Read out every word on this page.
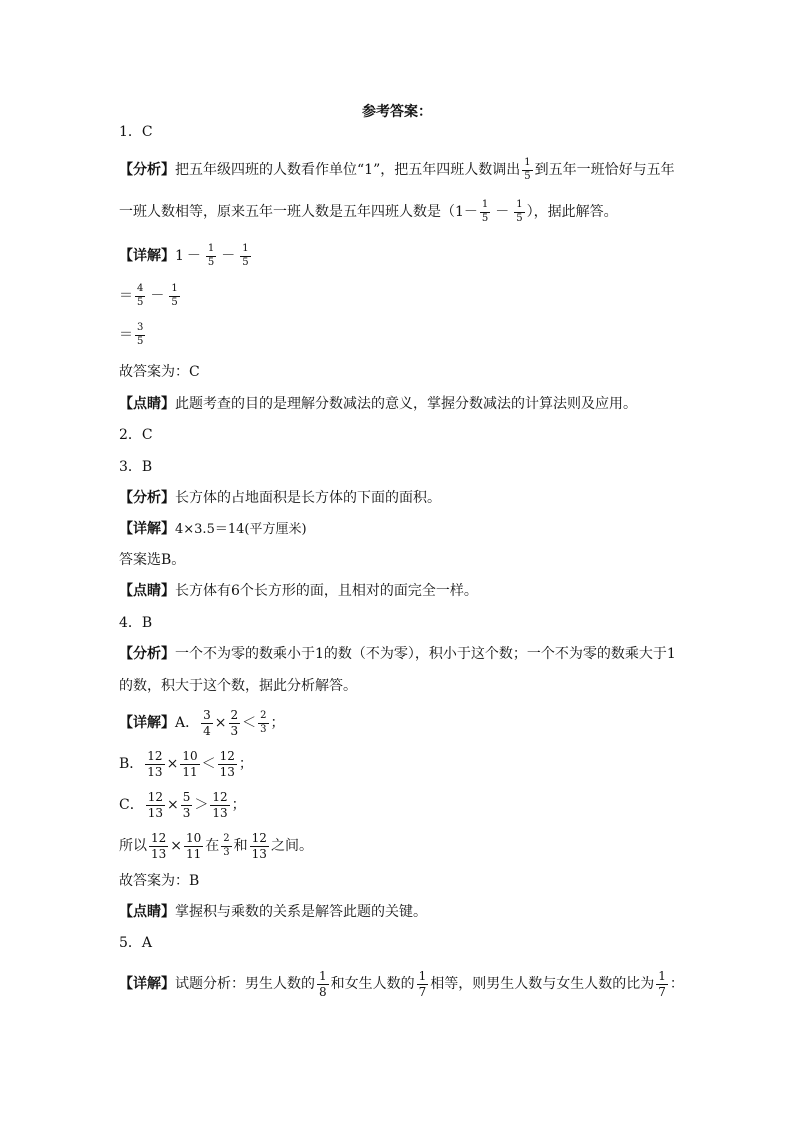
参考答案：
1．C
【分析】 把五年级四班的人数看作单位“1”，把五年四班人数调出 $\frac{1}{5}$ 到五年一班恰好与五年
一班人数相等，原来五年一班人数是五年四班人数是（$1- \frac{1}{5} - \frac{1}{5}$ ），据此解答。
【详解】 $1 - \frac{1}{5} - \frac{1}{5}$
＝ $\frac{4}{5} - \frac{1}{5}$
＝ $\frac{3}{5}$
故答案为：C
【点睛】 此题考查的目的是理解分数减法的意义，掌握分数减法的计算法则及应用。
2．C
3．B
【分析】 长方体的占地面积是长方体的下面的面积。
【详解】 4×3.5＝14(平方厘米)
答案选B。
【点睛】 长方体有6个长方形的面，且相对的面完全一样。
4．B
【分析】 一个不为零的数乘小于1的数（不为零），积小于这个数；一个不为零的数乘大于1
的数，积大于这个数，据此分析解答。
【详解】 A． $\frac{3}{4} \times \frac{2}{3} < \frac{2}{3}$ ；
B． $\frac{12}{13} \times \frac{10}{11} < \frac{12}{13}$ ；
C． $\frac{12}{13} \times \frac{5}{3} > \frac{12}{13}$ ；
所以 $\frac{12}{13} \times \frac{10}{11}$ 在 $\frac{2}{3}$ 和 $\frac{12}{13}$ 之间。
故答案为：B
【点睛】 掌握积与乘数的关系是解答此题的关键。
5．A
【详解】 试题分析：男生人数的 $\frac{1}{8}$ 和女生人数的 $\frac{1}{7}$ 相等，则男生人数与女生人数的比为 $\frac{1}{7}$ ：
